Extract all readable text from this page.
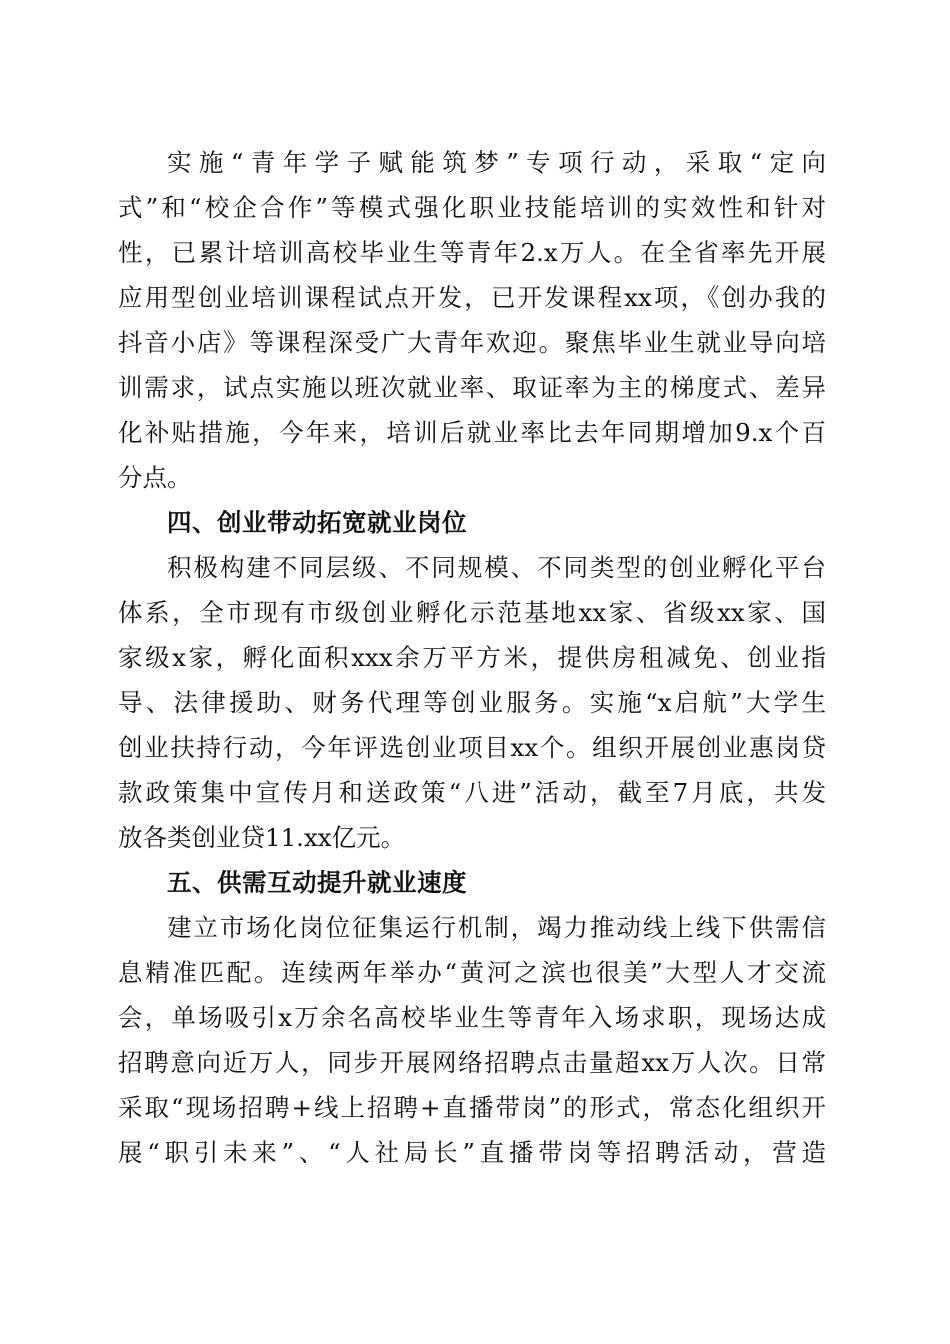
实施“青年学子赋能筑梦”专项行动，采取“定向
式”和“校企合作”等模式强化职业技能培训的实效性和针对
性，已累计培训高校毕业生等青年2.x万人。在全省率先开展
应用型创业培训课程试点开发，已开发课程xx项，《创办我的
抖音小店》等课程深受广大青年欢迎。聚焦毕业生就业导向培
训需求，试点实施以班次就业率、取证率为主的梯度式、差异
化补贴措施，今年来，培训后就业率比去年同期增加9.x个百
分点。
四、创业带动拓宽就业岗位
积极构建不同层级、不同规模、不同类型的创业孵化平台
体系，全市现有市级创业孵化示范基地xx家、省级xx家、国
家级x家，孵化面积xxx余万平方米，提供房租减免、创业指
导、法律援助、财务代理等创业服务。实施“x启航”大学生
创业扶持行动，今年评选创业项目xx个。组织开展创业惠岗贷
款政策集中宣传月和送政策“八进”活动，截至7月底，共发
放各类创业贷11.xx亿元。
五、供需互动提升就业速度
建立市场化岗位征集运行机制，竭力推动线上线下供需信
息精准匹配。连续两年举办“黄河之滨也很美”大型人才交流
会，单场吸引x万余名高校毕业生等青年入场求职，现场达成
招聘意向近万人，同步开展网络招聘点击量超xx万人次。日常
采取“现场招聘+线上招聘+直播带岗”的形式，常态化组织开
展“职引未来”、“人社局长”直播带岗等招聘活动，营造
